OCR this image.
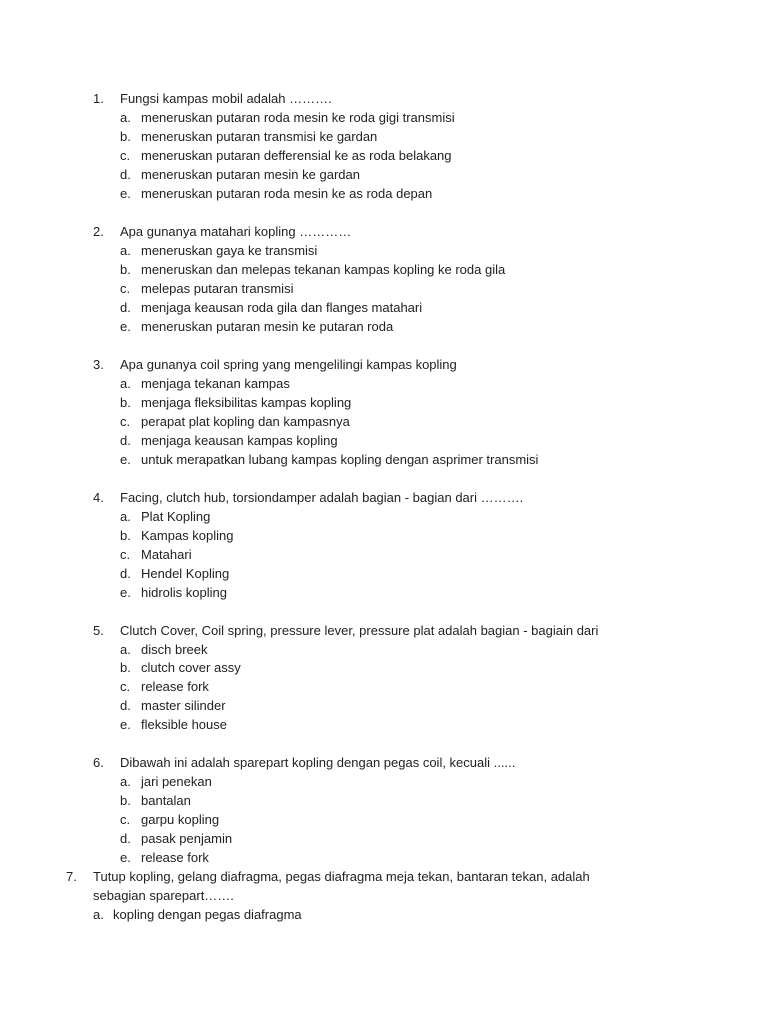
1. Fungsi kampas mobil adalah ……….
a. meneruskan putaran roda mesin ke roda gigi transmisi
b. meneruskan putaran transmisi ke gardan
c. meneruskan putaran defferensial ke as roda belakang
d. meneruskan putaran mesin ke gardan
e. meneruskan putaran roda mesin ke as roda depan
2. Apa gunanya matahari kopling …………
a. meneruskan gaya ke transmisi
b. meneruskan dan melepas tekanan kampas kopling ke roda gila
c. melepas putaran transmisi
d. menjaga keausan roda gila dan flanges matahari
e. meneruskan putaran mesin ke putaran roda
3. Apa gunanya coil spring yang mengelilingi kampas kopling
a. menjaga tekanan kampas
b. menjaga fleksibilitas kampas kopling
c. perapat plat kopling dan kampasnya
d. menjaga keausan kampas kopling
e. untuk merapatkan lubang kampas kopling dengan asprimer transmisi
4. Facing, clutch hub, torsiondamper adalah bagian - bagian dari ……….
a. Plat Kopling
b. Kampas kopling
c. Matahari
d. Hendel Kopling
e. hidrolis kopling
5. Clutch Cover, Coil spring, pressure lever, pressure plat adalah bagian - bagiain dari
a. disch breek
b. clutch cover assy
c. release fork
d. master silinder
e. fleksible house
6. Dibawah ini adalah sparepart kopling dengan pegas coil, kecuali ......
a. jari penekan
b. bantalan
c. garpu kopling
d. pasak penjamin
e. release fork
7. Tutup kopling, gelang diafragma, pegas diafragma meja tekan, bantaran tekan, adalah
sebagian sparepart…….
a. kopling dengan pegas diafragma
